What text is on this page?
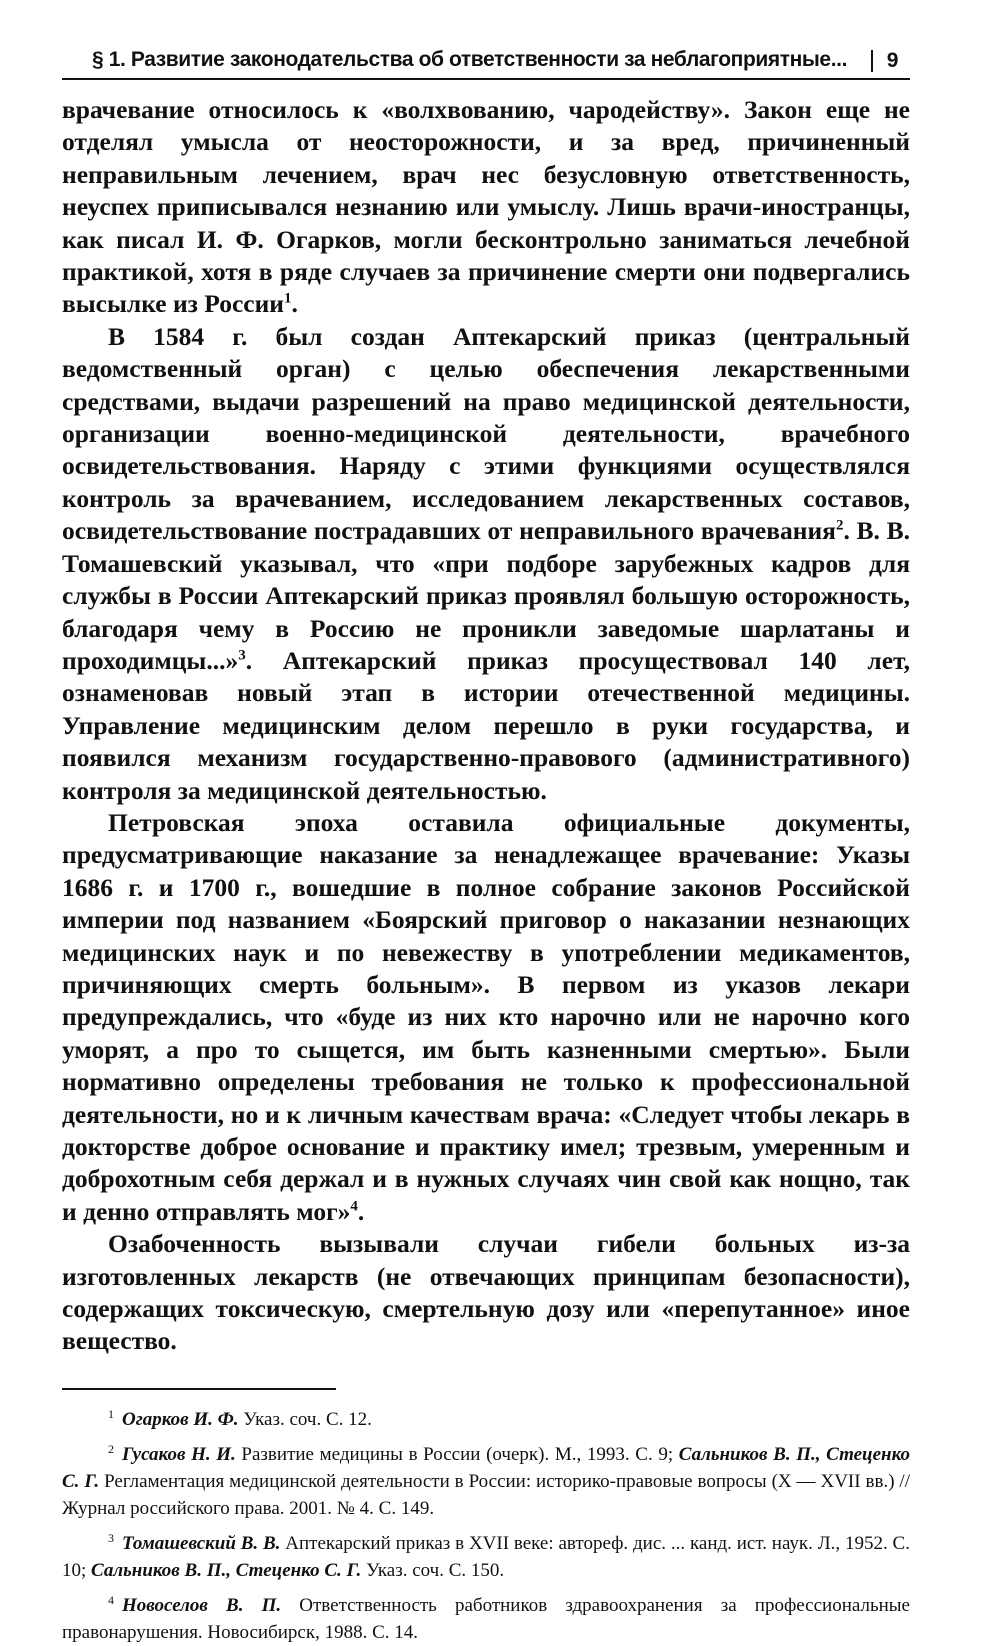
§ 1. Развитие законодательства об ответственности за неблагоприятные...	9

врачевание относилось к «волхвованию, чародейству». Закон еще не отделял умысла от неосторожности, и за вред, причиненный неправильным лечением, врач нес безусловную ответственность, неуспех приписывался незнанию или умыслу. Лишь врачи-иностранцы, как писал И. Ф. Огарков, могли бесконтрольно заниматься лечебной практикой, хотя в ряде случаев за причинение смерти они подвергались высылке из России$^1$.

В 1584 г. был создан Аптекарский приказ (центральный ведомственный орган) с целью обеспечения лекарственными средствами, выдачи разрешений на право медицинской деятельности, организации военно-медицинской деятельности, врачебного освидетельствования. Наряду с этими функциями осуществлялся контроль за врачеванием, исследованием лекарственных составов, освидетельствование пострадавших от неправильного врачевания$^2$. В. В. Томашевский указывал, что «при подборе зарубежных кадров для службы в России Аптекарский приказ проявлял большую осторожность, благодаря чему в Россию не проникли заведомые шарлатаны и проходимцы...»$^3$. Аптекарский приказ просуществовал 140 лет, ознаменовав новый этап в истории отечественной медицины. Управление медицинским делом перешло в руки государства, и появился механизм государственно-правового (административного) контроля за медицинской деятельностью.

Петровская эпоха оставила официальные документы, предусматривающие наказание за ненадлежащее врачевание: Указы 1686 г. и 1700 г., вошедшие в полное собрание законов Российской империи под названием «Боярский приговор о наказании незнающих медицинских наук и по невежеству в употреблении медикаментов, причиняющих смерть больным». В первом из указов лекари предупреждались, что «буде из них кто нарочно или не нарочно кого уморят, а про то сыщется, им быть казненными смертью». Были нормативно определены требования не только к профессиональной деятельности, но и к личным качествам врача: «Следует чтобы лекарь в докторстве доброе основание и практику имел; трезвым, умеренным и доброхотным себя держал и в нужных случаях чин свой как нощно, так и денно отправлять мог»$^4$.

Озабоченность вызывали случаи гибели больных из-за изготовленных лекарств (не отвечающих принципам безопасности), содержащих токсическую, смертельную дозу или «перепутанное» иное вещество.

$^1$ Огарков И. Ф. Указ. соч. С. 12.

$^2$ Гусаков Н. И. Развитие медицины в России (очерк). М., 1993. С. 9; Сальников В. П., Стеценко С. Г. Регламентация медицинской деятельности в России: историко-правовые вопросы (X — XVII вв.) // Журнал российского права. 2001. № 4. С. 149.

$^3$ Томашевский В. В. Аптекарский приказ в XVII веке: автореф. дис. ... канд. ист. наук. Л., 1952. С. 10; Сальников В. П., Стеценко С. Г. Указ. соч. С. 150.

$^4$ Новоселов В. П. Ответственность работников здравоохранения за профессиональные правонарушения. Новосибирск, 1988. С. 14.
